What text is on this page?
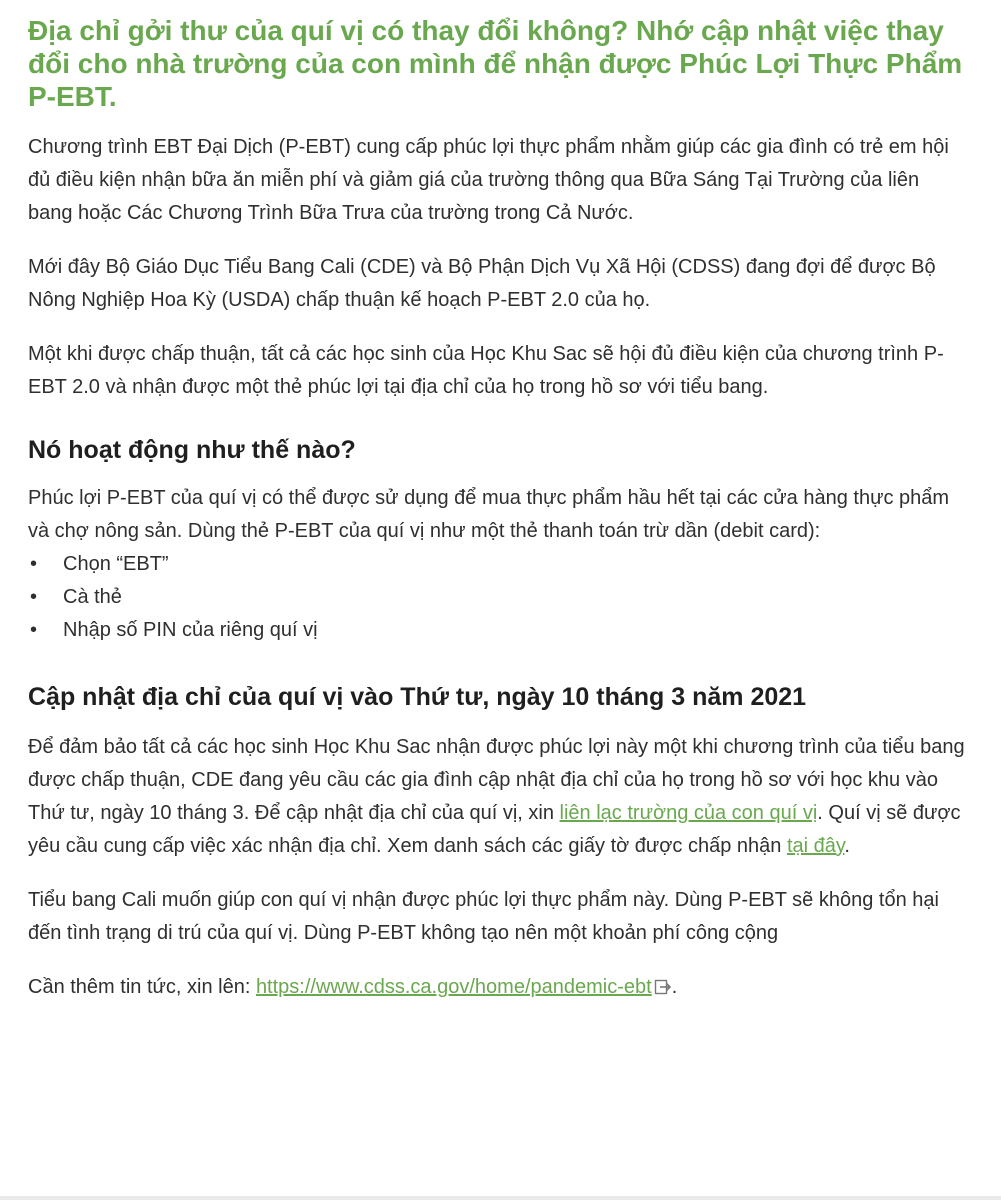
Địa chỉ gởi thư của quí vị có thay đổi không? Nhớ cập nhật việc thay đổi cho nhà trường của con mình để nhận được Phúc Lợi Thực Phẩm P-EBT.

Chương trình EBT Đại Dịch (P-EBT) cung cấp phúc lợi thực phẩm nhằm giúp các gia đình có trẻ em hội đủ điều kiện nhận bữa ăn miễn phí và giảm giá của trường thông qua Bữa Sáng Tại Trường của liên bang hoặc Các Chương Trình Bữa Trưa của trường trong Cả Nước.

Mới đây Bộ Giáo Dục Tiểu Bang Cali (CDE) và Bộ Phận Dịch Vụ Xã Hội (CDSS) đang đợi để được Bộ Nông Nghiệp Hoa Kỳ (USDA) chấp thuận kế hoạch P-EBT 2.0 của họ.

Một khi được chấp thuận, tất cả các học sinh của Học Khu Sac sẽ hội đủ điều kiện của chương trình P-EBT 2.0 và nhận được một thẻ phúc lợi tại địa chỉ của họ trong hồ sơ với tiểu bang.

Nó hoạt động như thế nào?

Phúc lợi P-EBT của quí vị có thể được sử dụng để mua thực phẩm hầu hết tại các cửa hàng thực phẩm và chợ nông sản. Dùng thẻ P-EBT của quí vị như một thẻ thanh toán trừ dần (debit card):

• Chọn “EBT”
• Cà thẻ
• Nhập số PIN của riêng quí vị
Cập nhật địa chỉ của quí vị vào Thứ tư, ngày 10 tháng 3 năm 2021

Để đảm bảo tất cả các học sinh Học Khu Sac nhận được phúc lợi này một khi chương trình của tiểu bang được chấp thuận, CDE đang yêu cầu các gia đình cập nhật địa chỉ của họ trong hồ sơ với học khu vào Thứ tư, ngày 10 tháng 3. Để cập nhật địa chỉ của quí vị, xin liên lạc trường của con quí vị. Quí vị sẽ được yêu cầu cung cấp việc xác nhận địa chỉ. Xem danh sách các giấy tờ được chấp nhận tại đây.

Tiểu bang Cali muốn giúp con quí vị nhận được phúc lợi thực phẩm này. Dùng P-EBT sẽ không tổn hại đến tình trạng di trú của quí vị. Dùng P-EBT không tạo nên một khoản phí công cộng

Cần thêm tin tức, xin lên: https://www.cdss.ca.gov/home/pandemic-ebt .
